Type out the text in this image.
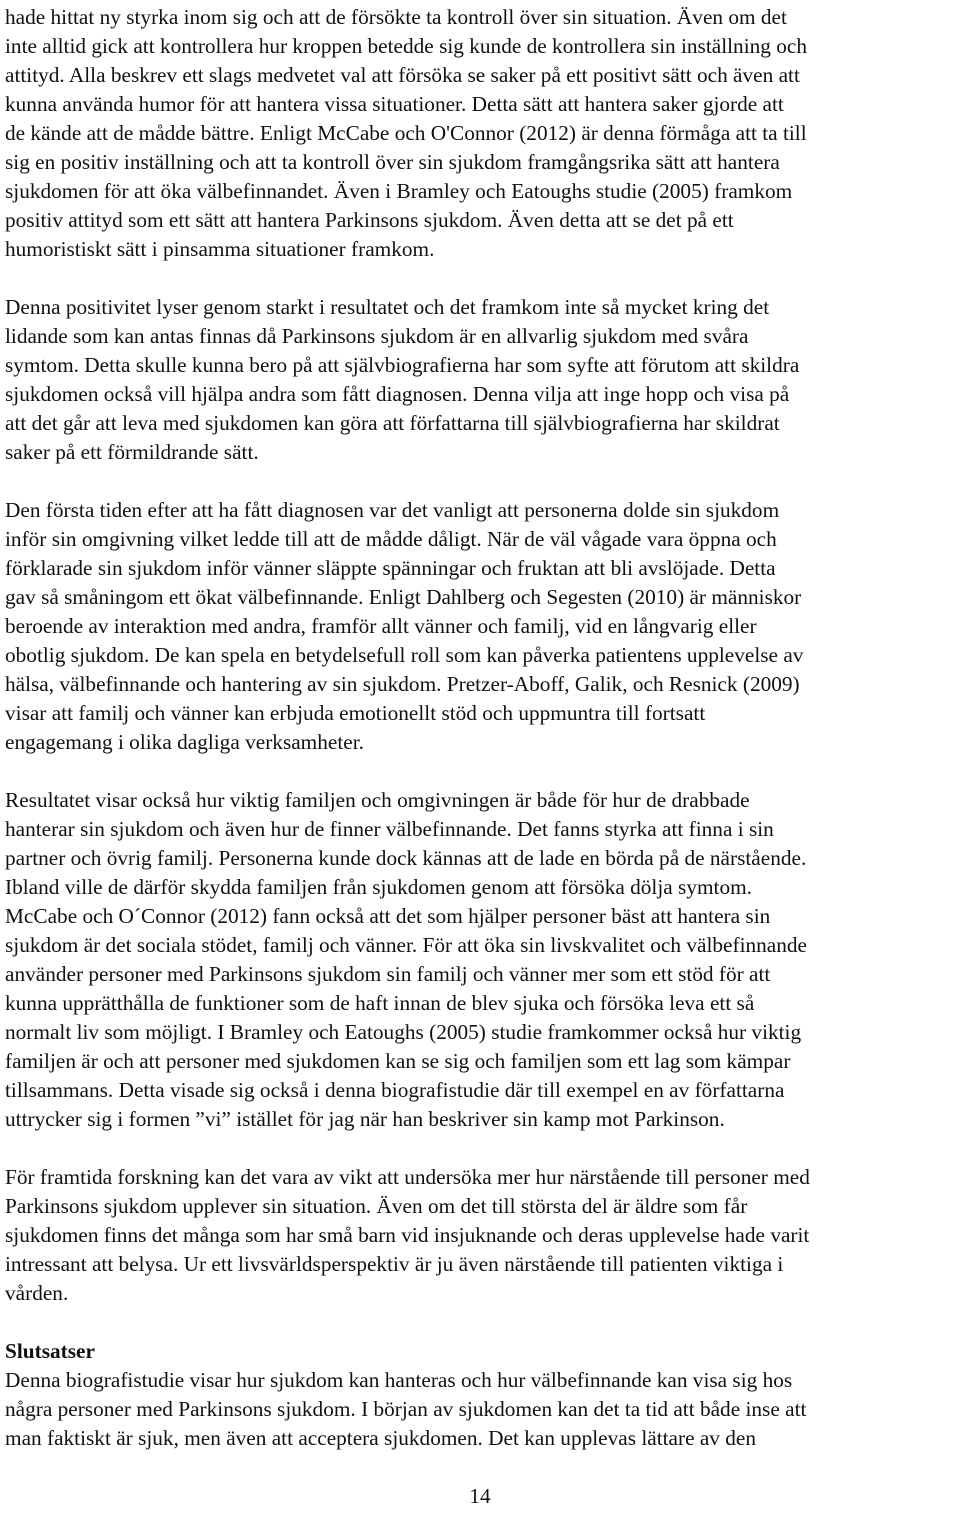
hade hittat ny styrka inom sig och att de försökte ta kontroll över sin situation. Även om det
inte alltid gick att kontrollera hur kroppen betedde sig kunde de kontrollera sin inställning och
attityd. Alla beskrev ett slags medvetet val att försöka se saker på ett positivt sätt och även att
kunna använda humor för att hantera vissa situationer. Detta sätt att hantera saker gjorde att
de kände att de mådde bättre. Enligt McCabe och O'Connor (2012) är denna förmåga att ta till
sig en positiv inställning och att ta kontroll över sin sjukdom framgångsrika sätt att hantera
sjukdomen för att öka välbefinnandet. Även i Bramley och Eatoughs studie (2005) framkom
positiv attityd som ett sätt att hantera Parkinsons sjukdom. Även detta att se det på ett
humoristiskt sätt i pinsamma situationer framkom.
Denna positivitet lyser genom starkt i resultatet och det framkom inte så mycket kring det
lidande som kan antas finnas då Parkinsons sjukdom är en allvarlig sjukdom med svåra
symtom. Detta skulle kunna bero på att självbiografierna har som syfte att förutom att skildra
sjukdomen också vill hjälpa andra som fått diagnosen. Denna vilja att inge hopp och visa på
att det går att leva med sjukdomen kan göra att författarna till självbiografierna har skildrat
saker på ett förmildrande sätt.
Den första tiden efter att ha fått diagnosen var det vanligt att personerna dolde sin sjukdom
inför sin omgivning vilket ledde till att de mådde dåligt. När de väl vågade vara öppna och
förklarade sin sjukdom inför vänner släppte spänningar och fruktan att bli avslöjade. Detta
gav så småningom ett ökat välbefinnande. Enligt Dahlberg och Segesten (2010) är människor
beroende av interaktion med andra, framför allt vänner och familj, vid en långvarig eller
obotlig sjukdom. De kan spela en betydelsefull roll som kan påverka patientens upplevelse av
hälsa, välbefinnande och hantering av sin sjukdom. Pretzer-Aboff, Galik, och Resnick (2009)
visar att familj och vänner kan erbjuda emotionellt stöd och uppmuntra till fortsatt
engagemang i olika dagliga verksamheter.
Resultatet visar också hur viktig familjen och omgivningen är både för hur de drabbade
hanterar sin sjukdom och även hur de finner välbefinnande. Det fanns styrka att finna i sin
partner och övrig familj. Personerna kunde dock kännas att de lade en börda på de närstående.
Ibland ville de därför skydda familjen från sjukdomen genom att försöka dölja symtom.
McCabe och O´Connor (2012) fann också att det som hjälper personer bäst att hantera sin
sjukdom är det sociala stödet, familj och vänner. För att öka sin livskvalitet och välbefinnande
använder personer med Parkinsons sjukdom sin familj och vänner mer som ett stöd för att
kunna upprätthålla de funktioner som de haft innan de blev sjuka och försöka leva ett så
normalt liv som möjligt. I Bramley och Eatoughs (2005) studie framkommer också hur viktig
familjen är och att personer med sjukdomen kan se sig och familjen som ett lag som kämpar
tillsammans. Detta visade sig också i denna biografistudie där till exempel en av författarna
uttrycker sig i formen ”vi” istället för jag när han beskriver sin kamp mot Parkinson.
För framtida forskning kan det vara av vikt att undersöka mer hur närstående till personer med
Parkinsons sjukdom upplever sin situation. Även om det till största del är äldre som får
sjukdomen finns det många som har små barn vid insjuknande och deras upplevelse hade varit
intressant att belysa. Ur ett livsvärldsperspektiv är ju även närstående till patienten viktiga i
vården.
Slutsatser
Denna biografistudie visar hur sjukdom kan hanteras och hur välbefinnande kan visa sig hos
några personer med Parkinsons sjukdom. I början av sjukdomen kan det ta tid att både inse att
man faktiskt är sjuk, men även att acceptera sjukdomen. Det kan upplevas lättare av den
14
